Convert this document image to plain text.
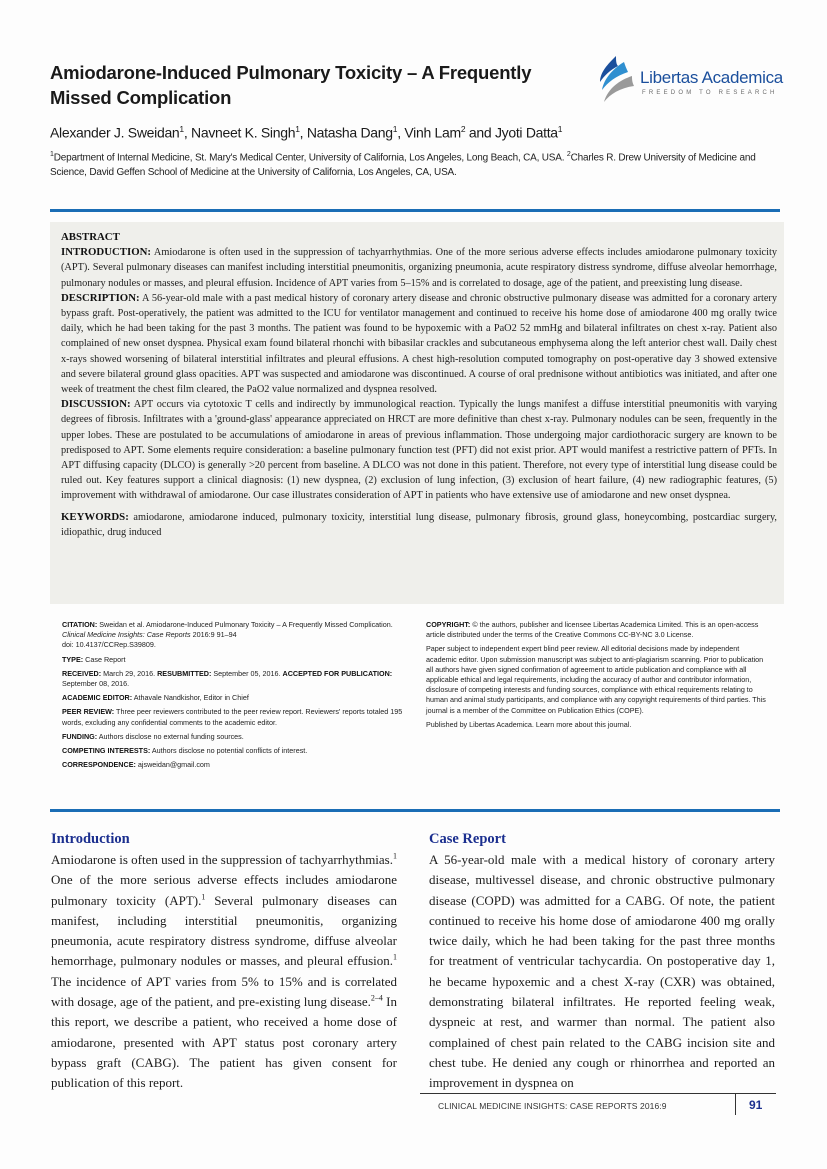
Amiodarone-Induced Pulmonary Toxicity – A Frequently Missed Complication
Libertas Academica
FREEDOM TO RESEARCH
Alexander J. Sweidan$^1$, Navneet K. Singh$^1$, Natasha Dang$^1$, Vinh Lam$^2$ and Jyoti Datta$^1$
$^1$Department of Internal Medicine, St. Mary's Medical Center, University of California, Los Angeles, Long Beach, CA, USA. $^2$Charles R. Drew University of Medicine and Science, David Geffen School of Medicine at the University of California, Los Angeles, CA, USA.

ABSTRACT

INTRODUCTION: Amiodarone is often used in the suppression of tachyarrhythmias. One of the more serious adverse effects includes amiodarone pulmonary toxicity (APT). Several pulmonary diseases can manifest including interstitial pneumonitis, organizing pneumonia, acute respiratory distress syndrome, diffuse alveolar hemorrhage, pulmonary nodules or masses, and pleural effusion. Incidence of APT varies from 5–15% and is correlated to dosage, age of the patient, and preexisting lung disease.

DESCRIPTION: A 56-year-old male with a past medical history of coronary artery disease and chronic obstructive pulmonary disease was admitted for a coronary artery bypass graft. Post-operatively, the patient was admitted to the ICU for ventilator management and continued to receive his home dose of amiodarone 400 mg orally twice daily, which he had been taking for the past 3 months. The patient was found to be hypoxemic with a PaO2 52 mmHg and bilateral infiltrates on chest x-ray. Patient also complained of new onset dyspnea. Physical exam found bilateral rhonchi with bibasilar crackles and subcutaneous emphysema along the left anterior chest wall. Daily chest x-rays showed worsening of bilateral interstitial infiltrates and pleural effusions. A chest high-resolution computed tomography on post-operative day 3 showed extensive and severe bilateral ground glass opacities. APT was suspected and amiodarone was discontinued. A course of oral prednisone without antibiotics was initiated, and after one week of treatment the chest film cleared, the PaO2 value normalized and dyspnea resolved.

DISCUSSION: APT occurs via cytotoxic T cells and indirectly by immunological reaction. Typically the lungs manifest a diffuse interstitial pneumonitis with varying degrees of fibrosis. Infiltrates with a 'ground-glass' appearance appreciated on HRCT are more definitive than chest x-ray. Pulmonary nodules can be seen, frequently in the upper lobes. These are postulated to be accumulations of amiodarone in areas of previous inflammation. Those undergoing major cardiothoracic surgery are known to be predisposed to APT. Some elements require consideration: a baseline pulmonary function test (PFT) did not exist prior. APT would manifest a restrictive pattern of PFTs. In APT diffusing capacity (DLCO) is generally >20 percent from baseline. A DLCO was not done in this patient. Therefore, not every type of interstitial lung disease could be ruled out. Key features support a clinical diagnosis: (1) new dyspnea, (2) exclusion of lung infection, (3) exclusion of heart failure, (4) new radiographic features, (5) improvement with withdrawal of amiodarone. Our case illustrates consideration of APT in patients who have extensive use of amiodarone and new onset dyspnea.

KEYWORDS: amiodarone, amiodarone induced, pulmonary toxicity, interstitial lung disease, pulmonary fibrosis, ground glass, honeycombing, postcardiac surgery, idiopathic, drug induced

CITATION: Sweidan et al. Amiodarone-Induced Pulmonary Toxicity – A Frequently Missed Complication. Clinical Medicine Insights: Case Reports 2016:9 91–94
doi: 10.4137/CCRep.S39809.

TYPE: Case Report

RECEIVED: March 29, 2016. RESUBMITTED: September 05, 2016. ACCEPTED FOR PUBLICATION: September 08, 2016.

ACADEMIC EDITOR: Athavale Nandkishor, Editor in Chief

PEER REVIEW: Three peer reviewers contributed to the peer review report. Reviewers' reports totaled 195 words, excluding any confidential comments to the academic editor.

FUNDING: Authors disclose no external funding sources.

COMPETING INTERESTS: Authors disclose no potential conflicts of interest.

CORRESPONDENCE: ajsweidan@gmail.com

COPYRIGHT: © the authors, publisher and licensee Libertas Academica Limited. This is an open-access article distributed under the terms of the Creative Commons CC-BY-NC 3.0 License.

Paper subject to independent expert blind peer review. All editorial decisions made by independent academic editor. Upon submission manuscript was subject to anti-plagiarism scanning. Prior to publication all authors have given signed confirmation of agreement to article publication and compliance with all applicable ethical and legal requirements, including the accuracy of author and contributor information, disclosure of competing interests and funding sources, compliance with ethical requirements relating to human and animal study participants, and compliance with any copyright requirements of third parties. This journal is a member of the Committee on Publication Ethics (COPE).

Published by Libertas Academica. Learn more about this journal.

Introduction

Amiodarone is often used in the suppression of tachyarrhythmias.$^1$ One of the more serious adverse effects includes amiodarone pulmonary toxicity (APT).$^1$ Several pulmonary diseases can manifest, including interstitial pneumonitis, organizing pneumonia, acute respiratory distress syndrome, diffuse alveolar hemorrhage, pulmonary nodules or masses, and pleural effusion.$^1$ The incidence of APT varies from 5% to 15% and is correlated with dosage, age of the patient, and pre-existing lung disease.$^{2-4}$ In this report, we describe a patient, who received a home dose of amiodarone, presented with APT status post coronary artery bypass graft (CABG). The patient has given consent for publication of this report.

Case Report

A 56-year-old male with a medical history of coronary artery disease, multivessel disease, and chronic obstructive pulmonary disease (COPD) was admitted for a CABG. Of note, the patient continued to receive his home dose of amiodarone 400 mg orally twice daily, which he had been taking for the past three months for treatment of ventricular tachycardia. On postoperative day 1, he became hypoxemic and a chest X-ray (CXR) was obtained, demonstrating bilateral infiltrates. He reported feeling weak, dyspneic at rest, and warmer than normal. The patient also complained of chest pain related to the CABG incision site and chest tube. He denied any cough or rhinorrhea and reported an improvement in dyspnea on

CLINICAL MEDICINE INSIGHTS: CASE REPORTS 2016:9	91
